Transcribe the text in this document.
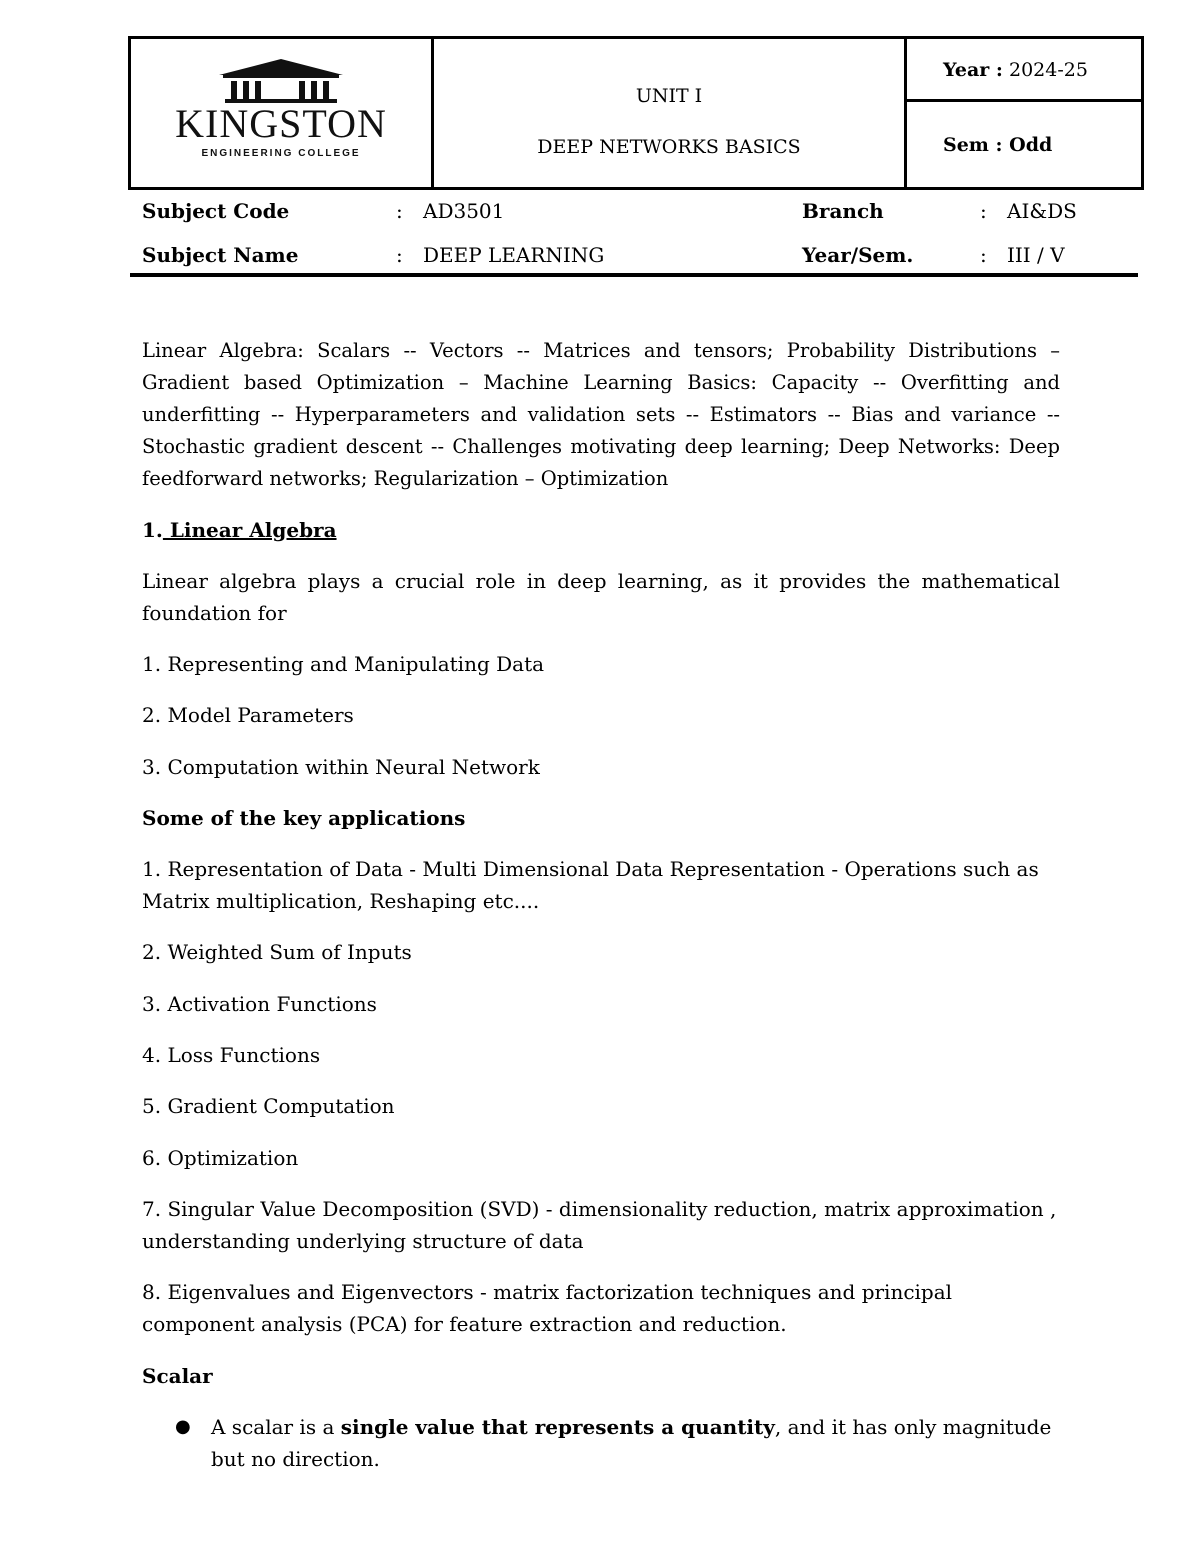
KINGSTON
ENGINEERING COLLEGE
UNIT I
DEEP NETWORKS BASICS
Year : 2024-25
Sem : Odd
Subject Code	: AD3501	Branch	: AI&DS
Subject Name	: DEEP LEARNING	Year/Sem.	: III / V
Linear Algebra: Scalars -- Vectors -- Matrices and tensors; Probability Distributions – Gradient based Optimization – Machine Learning Basics: Capacity -- Overfitting and underfitting -- Hyperparameters and validation sets -- Estimators -- Bias and variance -- Stochastic gradient descent -- Challenges motivating deep learning; Deep Networks: Deep feedforward networks; Regularization – Optimization
1. Linear Algebra
Linear algebra plays a crucial role in deep learning, as it provides the mathematical foundation for
1. Representing and Manipulating Data
2. Model Parameters
3. Computation within Neural Network
Some of the key applications
1. Representation of Data - Multi Dimensional Data Representation - Operations such as Matrix multiplication, Reshaping etc....
2. Weighted Sum of Inputs
3. Activation Functions
4. Loss Functions
5. Gradient Computation
6. Optimization
7. Singular Value Decomposition (SVD) - dimensionality reduction, matrix approximation , understanding underlying structure of data
8. Eigenvalues and Eigenvectors - matrix factorization techniques and principal component analysis (PCA) for feature extraction and reduction.
Scalar
● A scalar is a single value that represents a quantity, and it has only magnitude but no direction.
